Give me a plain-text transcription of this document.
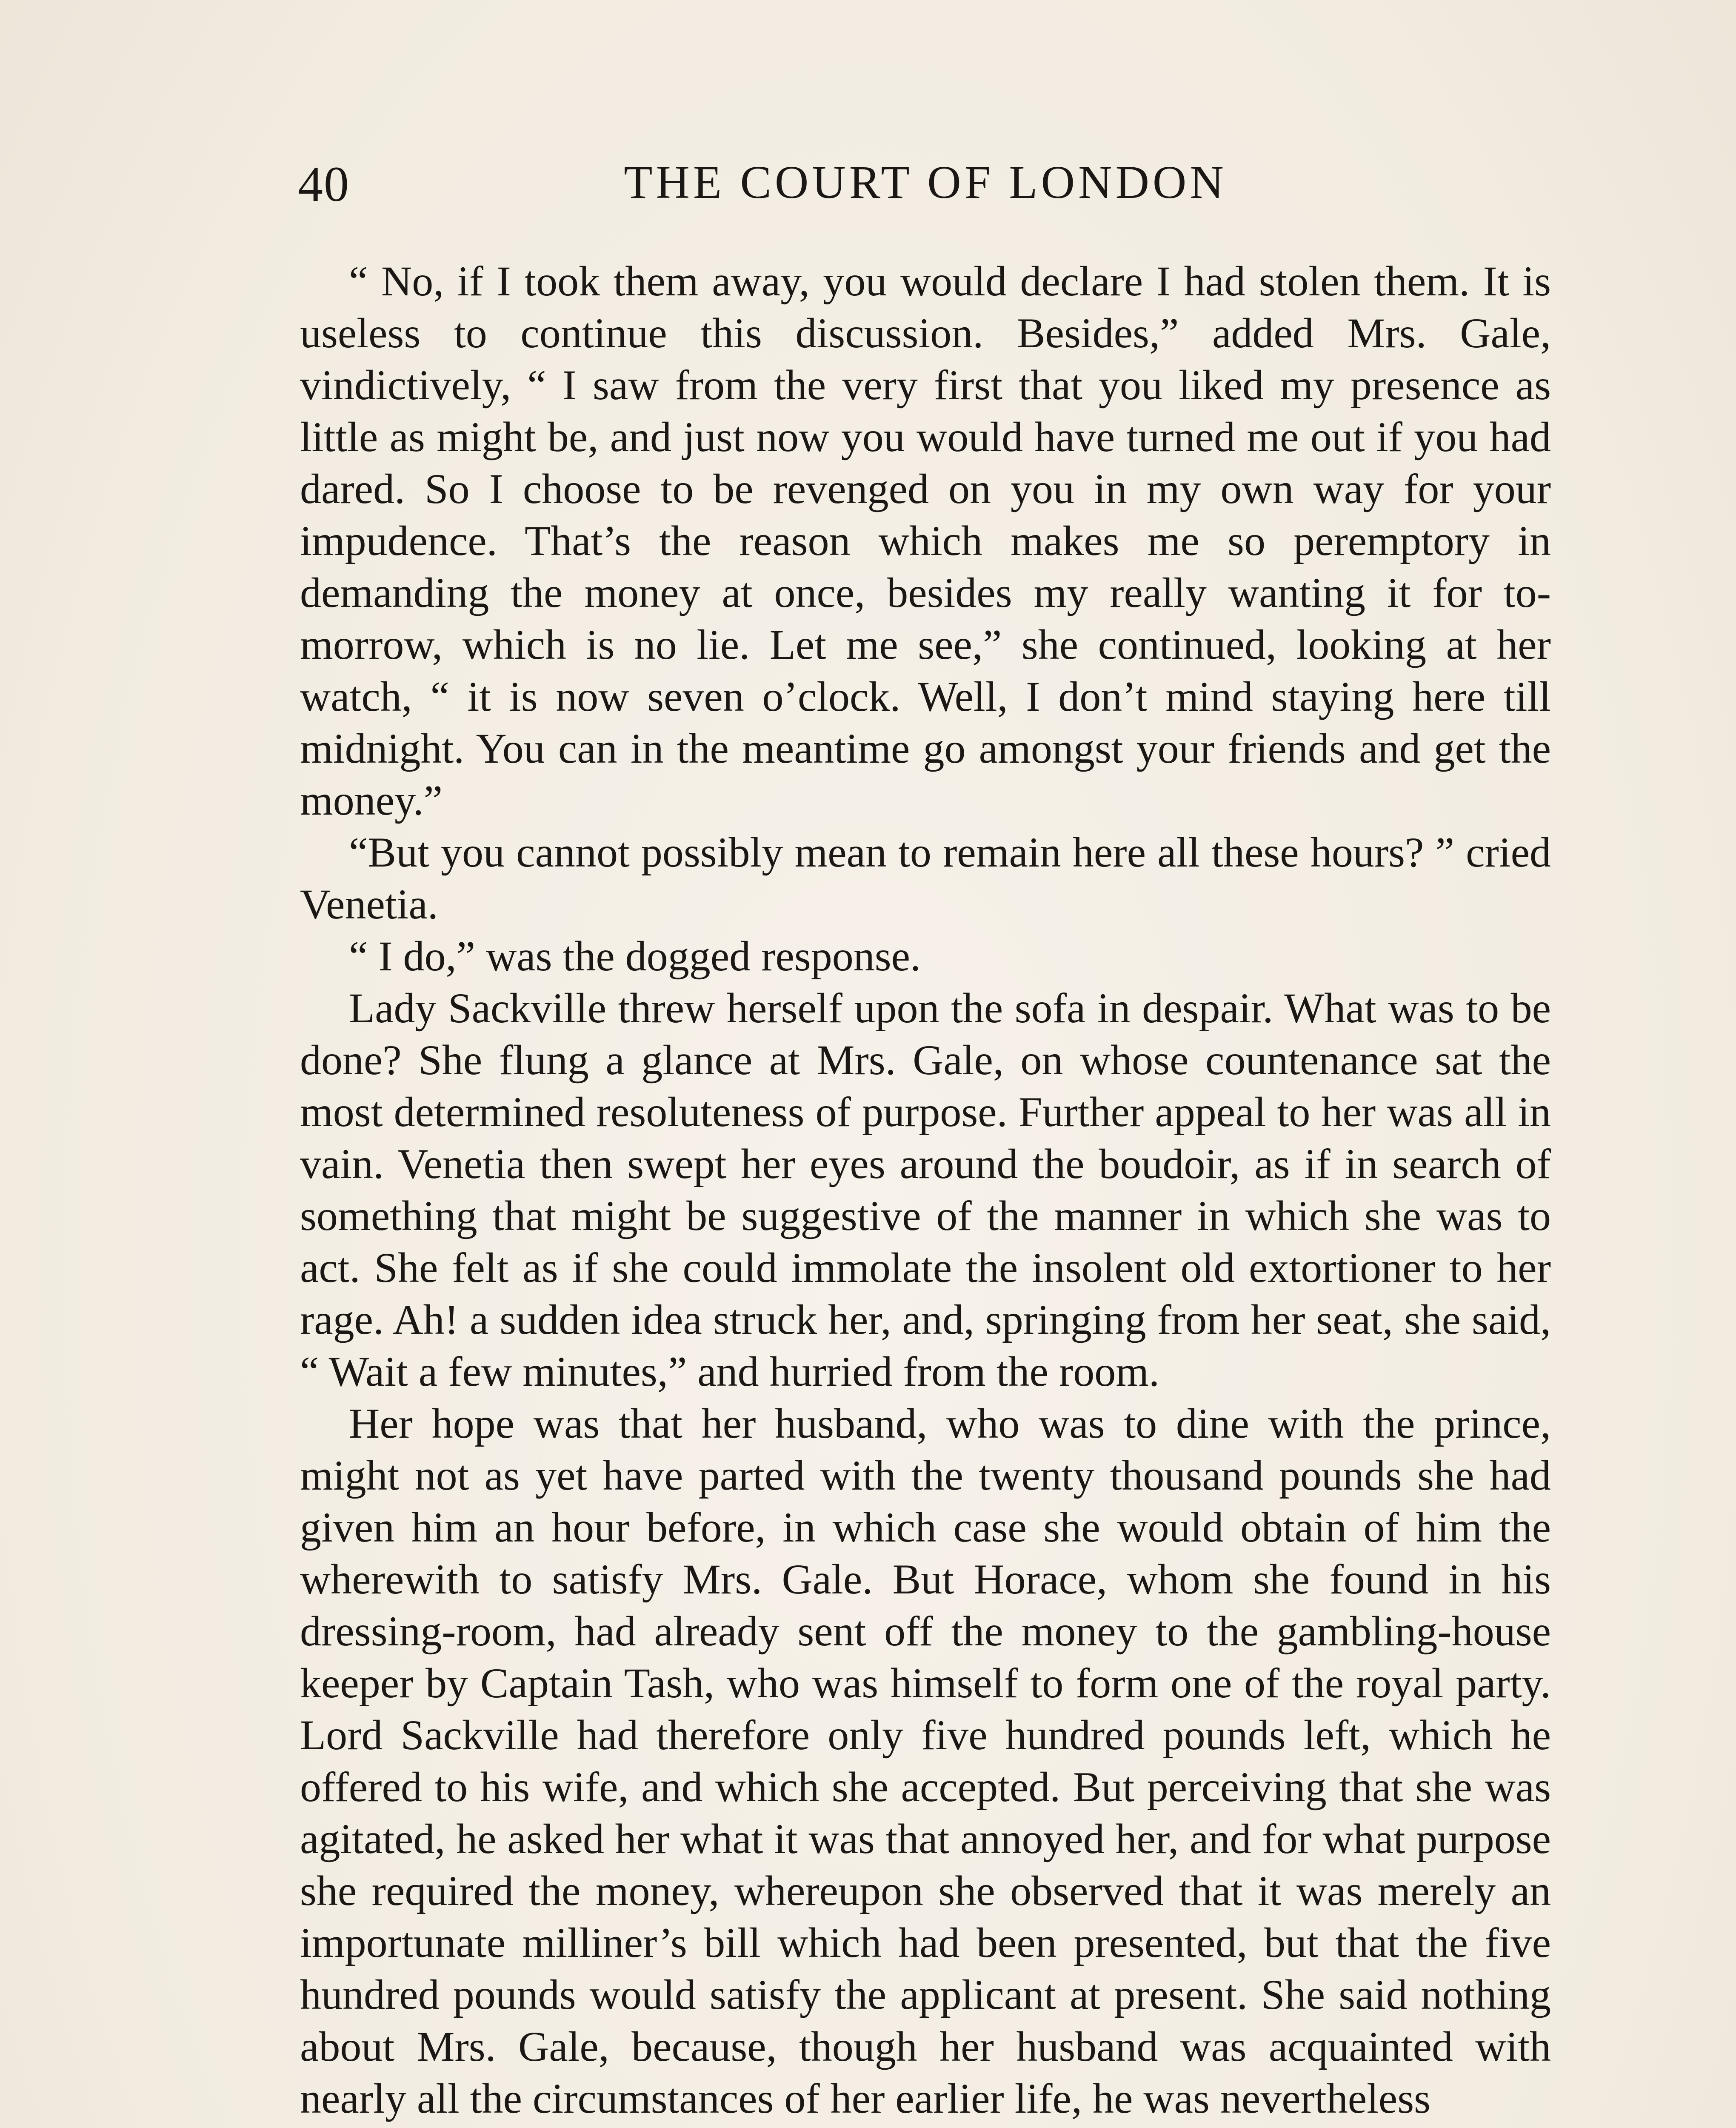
40	THE COURT OF LONDON

“ No, if I took them away, you would declare I had stolen them. It is useless to continue this discussion. Besides,” added Mrs. Gale, vindictively, “ I saw from the very first that you liked my presence as little as might be, and just now you would have turned me out if you had dared. So I choose to be revenged on you in my own way for your impudence. That’s the reason which makes me so peremptory in demanding the money at once, besides my really wanting it for to-morrow, which is no lie. Let me see,” she continued, looking at her watch, “ it is now seven o’clock. Well, I don’t mind staying here till midnight. You can in the meantime go amongst your friends and get the money.”

“But you cannot possibly mean to remain here all these hours? ” cried Venetia.

“ I do,” was the dogged response.

Lady Sackville threw herself upon the sofa in despair. What was to be done? She flung a glance at Mrs. Gale, on whose countenance sat the most determined resoluteness of purpose. Further appeal to her was all in vain. Venetia then swept her eyes around the boudoir, as if in search of something that might be suggestive of the manner in which she was to act. She felt as if she could immolate the insolent old extortioner to her rage. Ah! a sudden idea struck her, and, springing from her seat, she said, “ Wait a few minutes,” and hurried from the room.

Her hope was that her husband, who was to dine with the prince, might not as yet have parted with the twenty thousand pounds she had given him an hour before, in which case she would obtain of him the wherewith to satisfy Mrs. Gale. But Horace, whom she found in his dressing-room, had already sent off the money to the gambling-house keeper by Captain Tash, who was himself to form one of the royal party. Lord Sackville had therefore only five hundred pounds left, which he offered to his wife, and which she accepted. But perceiving that she was agitated, he asked her what it was that annoyed her, and for what purpose she required the money, whereupon she observed that it was merely an importunate milliner’s bill which had been presented, but that the five hundred pounds would satisfy the applicant at present. She said nothing about Mrs. Gale, because, though her husband was acquainted with nearly all the circumstances of her earlier life, he was nevertheless
